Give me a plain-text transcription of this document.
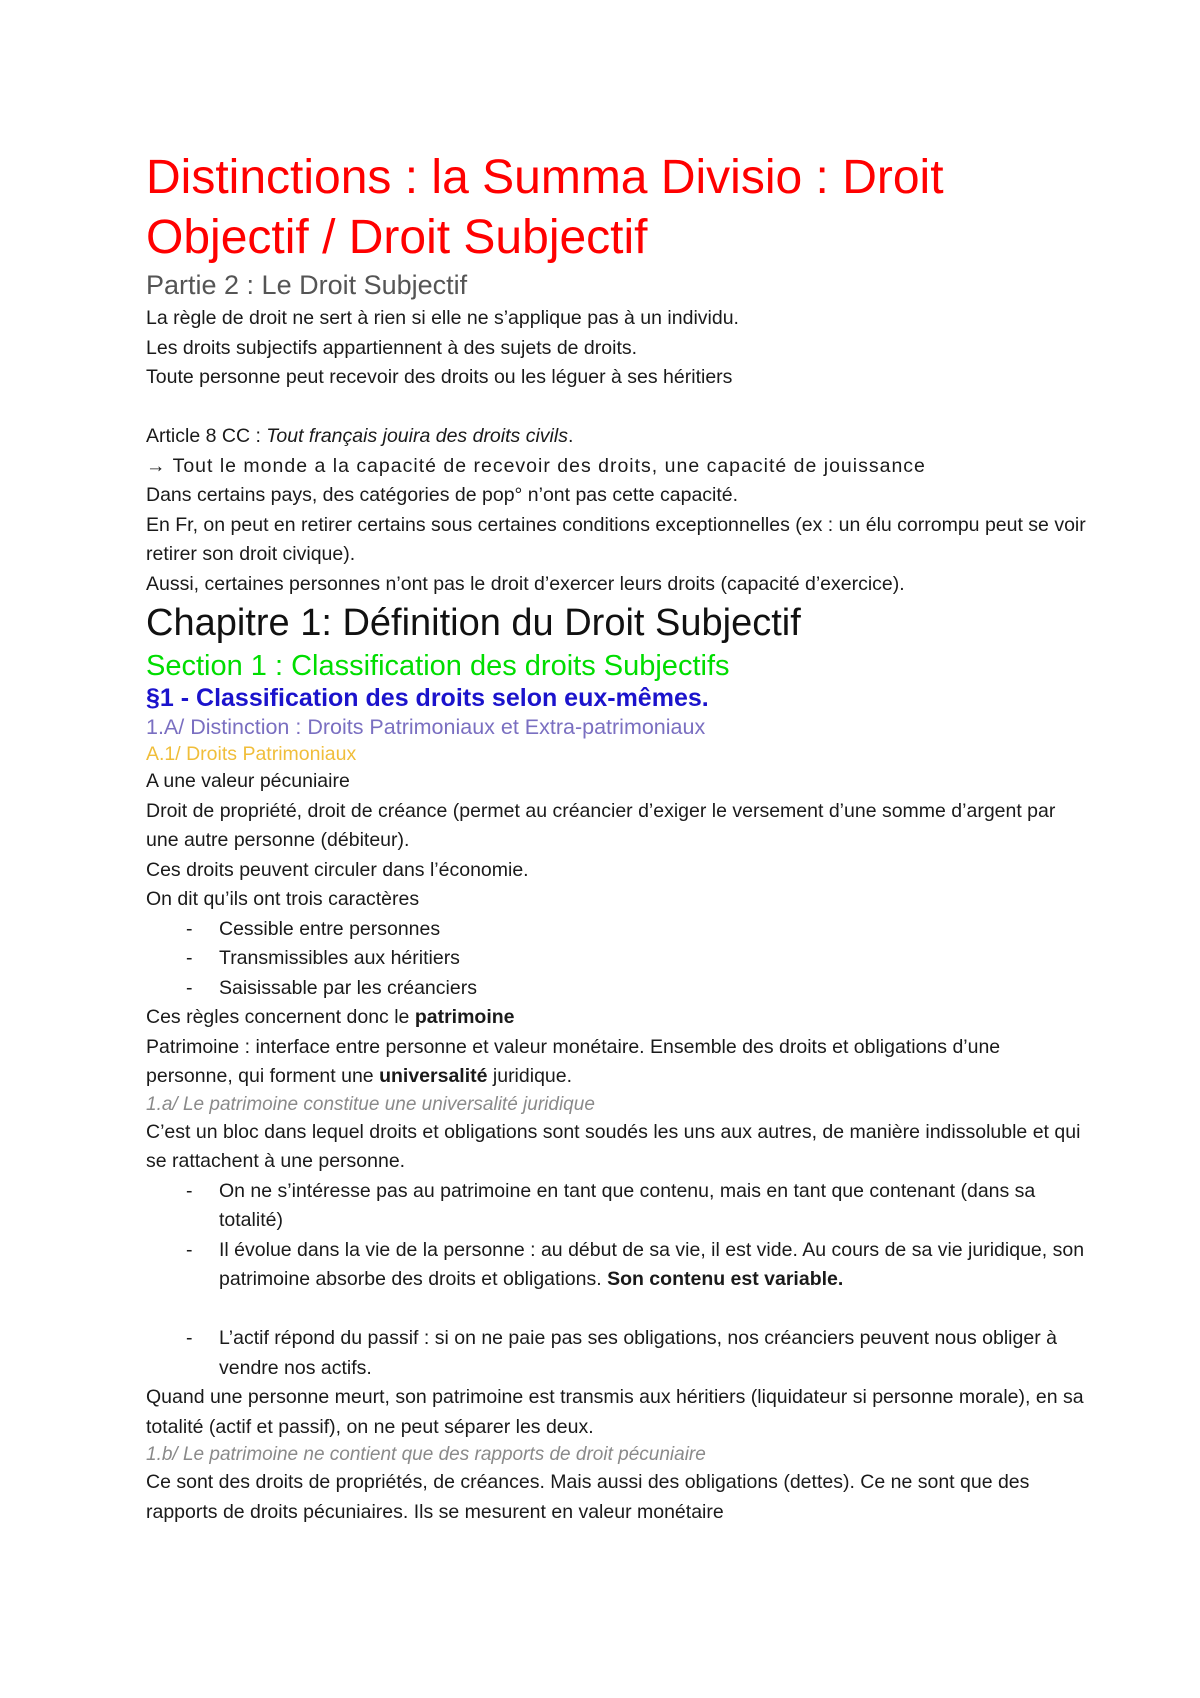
Distinctions : la Summa Divisio : Droit Objectif / Droit Subjectif
Partie 2 : Le Droit Subjectif

La règle de droit ne sert à rien si elle ne s’applique pas à un individu.

Les droits subjectifs appartiennent à des sujets de droits.

Toute personne peut recevoir des droits ou les léguer à ses héritiers

Article 8 CC : Tout français jouira des droits civils.

→ Tout le monde a la capacité de recevoir des droits, une capacité de jouissance

Dans certains pays, des catégories de pop° n’ont pas cette capacité.

En Fr, on peut en retirer certains sous certaines conditions exceptionnelles (ex : un élu corrompu peut se voir retirer son droit civique).

Aussi, certaines personnes n’ont pas le droit d’exercer leurs droits (capacité d’exercice).

Chapitre 1: Définition du Droit Subjectif
Section 1 : Classification des droits Subjectifs
§1 - Classification des droits selon eux-mêmes.

1.A/ Distinction : Droits Patrimoniaux et Extra-patrimoniaux

A.1/ Droits Patrimoniaux

A une valeur pécuniaire

Droit de propriété, droit de créance (permet au créancier d’exiger le versement d’une somme d’argent par une autre personne (débiteur).

Ces droits peuvent circuler dans l’économie.

On dit qu’ils ont trois caractères

- Cessible entre personnes
- Transmissibles aux héritiers
- Saisissable par les créanciers

Ces règles concernent donc le patrimoine

Patrimoine : interface entre personne et valeur monétaire. Ensemble des droits et obligations d’une personne, qui forment une universalité juridique.

1.a/ Le patrimoine constitue une universalité juridique

C’est un bloc dans lequel droits et obligations sont soudés les uns aux autres, de manière indissoluble et qui se rattachent à une personne.

- On ne s’intéresse pas au patrimoine en tant que contenu, mais en tant que contenant (dans sa totalité)
- Il évolue dans la vie de la personne : au début de sa vie, il est vide. Au cours de sa vie juridique, son patrimoine absorbe des droits et obligations. Son contenu est variable.
- L’actif répond du passif : si on ne paie pas ses obligations, nos créanciers peuvent nous obliger à vendre nos actifs.

Quand une personne meurt, son patrimoine est transmis aux héritiers (liquidateur si personne morale), en sa totalité (actif et passif), on ne peut séparer les deux.

1.b/ Le patrimoine ne contient que des rapports de droit pécuniaire

Ce sont des droits de propriétés, de créances. Mais aussi des obligations (dettes). Ce ne sont que des rapports de droits pécuniaires. Ils se mesurent en valeur monétaire
